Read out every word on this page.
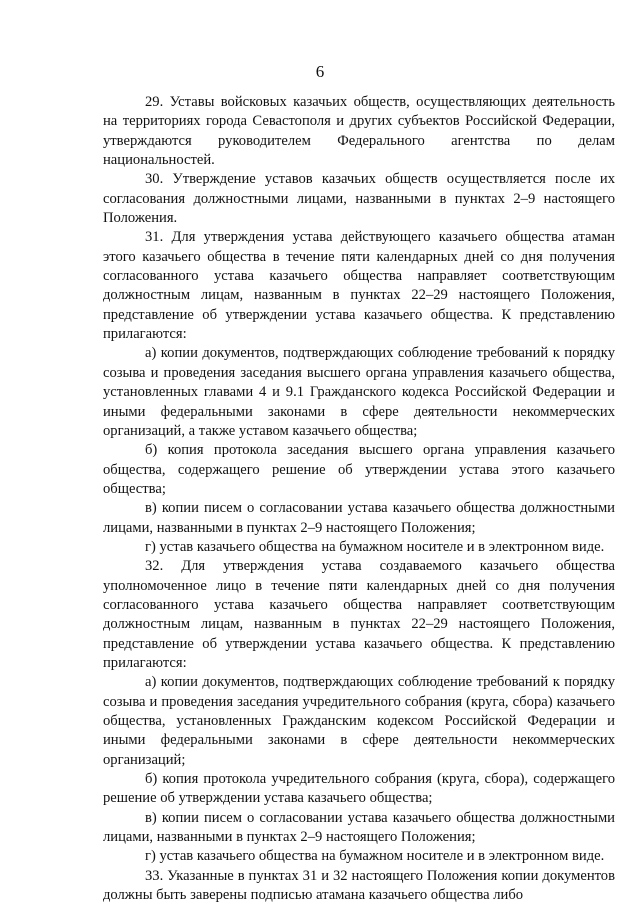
6

29. Уставы войсковых казачьих обществ, осуществляющих деятельность на территориях города Севастополя и других субъектов Российской Федерации, утверждаются руководителем Федерального агентства по делам национальностей.

30. Утверждение уставов казачьих обществ осуществляется после их согласования должностными лицами, названными в пунктах 2–9 настоящего Положения.

31. Для утверждения устава действующего казачьего общества атаман этого казачьего общества в течение пяти календарных дней со дня получения согласованного устава казачьего общества направляет соответствующим должностным лицам, названным в пунктах 22–29 настоящего Положения, представление об утверждении устава казачьего общества. К представлению прилагаются:

а) копии документов, подтверждающих соблюдение требований к порядку созыва и проведения заседания высшего органа управления казачьего общества, установленных главами 4 и 9.1 Гражданского кодекса Российской Федерации и иными федеральными законами в сфере деятельности некоммерческих организаций, а также уставом казачьего общества;

б) копия протокола заседания высшего органа управления казачьего общества, содержащего решение об утверждении устава этого казачьего общества;

в) копии писем о согласовании устава казачьего общества должностными лицами, названными в пунктах 2–9 настоящего Положения;

г) устав казачьего общества на бумажном носителе и в электронном виде.

32. Для утверждения устава создаваемого казачьего общества уполномоченное лицо в течение пяти календарных дней со дня получения согласованного устава казачьего общества направляет соответствующим должностным лицам, названным в пунктах 22–29 настоящего Положения, представление об утверждении устава казачьего общества. К представлению прилагаются:

а) копии документов, подтверждающих соблюдение требований к порядку созыва и проведения заседания учредительного собрания (круга, сбора) казачьего общества, установленных Гражданским кодексом Российской Федерации и иными федеральными законами в сфере деятельности некоммерческих организаций;

б) копия протокола учредительного собрания (круга, сбора), содержащего решение об утверждении устава казачьего общества;

в) копии писем о согласовании устава казачьего общества должностными лицами, названными в пунктах 2–9 настоящего Положения;

г) устав казачьего общества на бумажном носителе и в электронном виде.

33. Указанные в пунктах 31 и 32 настоящего Положения копии документов должны быть заверены подписью атамана казачьего общества либо
